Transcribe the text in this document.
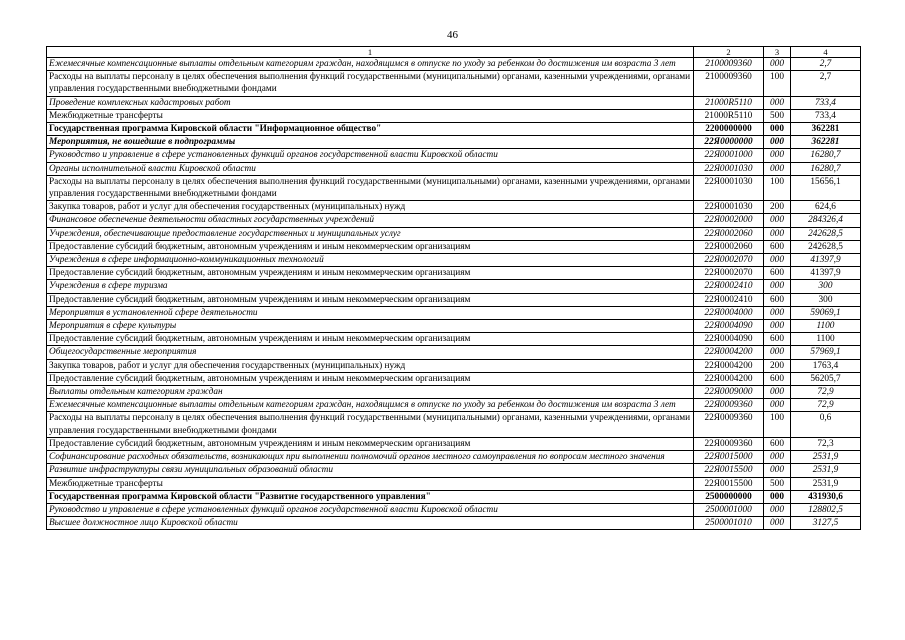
46
1	2	3	4
Ежемесячные компенсационные выплаты отдельным категориям граждан, находящимся в отпуске по уходу за ребенком до достижения им возраста 3 лет	2100009360	000	2,7
Расходы на выплаты персоналу в целях обеспечения выполнения функций государственными (муниципальными) органами, казенными учреждениями, органами управления государственными внебюджетными фондами	2100009360	100	2,7
Проведение комплексных кадастровых работ	21000R5110	000	733,4
Межбюджетные трансферты	21000R5110	500	733,4
Государственная программа Кировской области "Информационное общество"	2200000000	000	362281
Мероприятия, не вошедшие в подпрограммы	22Я0000000	000	362281
Руководство и управление в сфере установленных функций органов государственной власти Кировской области	22Я0001000	000	16280,7
Органы исполнительной власти Кировской области	22Я0001030	000	16280,7
Расходы на выплаты персоналу в целях обеспечения выполнения функций государственными (муниципальными) органами, казенными учреждениями, органами управления государственными внебюджетными фондами	22Я0001030	100	15656,1
Закупка товаров, работ и услуг для обеспечения государственных (муниципальных) нужд	22Я0001030	200	624,6
Финансовое обеспечение деятельности областных государственных учреждений	22Я0002000	000	284326,4
Учреждения, обеспечивающие предоставление государственных и муниципальных услуг	22Я0002060	000	242628,5
Предоставление субсидий бюджетным, автономным учреждениям и иным некоммерческим организациям	22Я0002060	600	242628,5
Учреждения в сфере информационно-коммуникационных технологий	22Я0002070	000	41397,9
Предоставление субсидий бюджетным, автономным учреждениям и иным некоммерческим организациям	22Я0002070	600	41397,9
Учреждения в сфере туризма	22Я0002410	000	300
Предоставление субсидий бюджетным, автономным учреждениям и иным некоммерческим организациям	22Я0002410	600	300
Мероприятия в установленной сфере деятельности	22Я0004000	000	59069,1
Мероприятия в сфере культуры	22Я0004090	000	1100
Предоставление субсидий бюджетным, автономным учреждениям и иным некоммерческим организациям	22Я0004090	600	1100
Общегосударственные мероприятия	22Я0004200	000	57969,1
Закупка товаров, работ и услуг для обеспечения государственных (муниципальных) нужд	22Я0004200	200	1763,4
Предоставление субсидий бюджетным, автономным учреждениям и иным некоммерческим организациям	22Я0004200	600	56205,7
Выплаты отдельным категориям граждан	22Я0009000	000	72,9
Ежемесячные компенсационные выплаты отдельным категориям граждан, находящимся в отпуске по уходу за ребенком до достижения им возраста 3 лет	22Я0009360	000	72,9
Расходы на выплаты персоналу в целях обеспечения выполнения функций государственными (муниципальными) органами, казенными учреждениями, органами управления государственными внебюджетными фондами	22Я0009360	100	0,6
Предоставление субсидий бюджетным, автономным учреждениям и иным некоммерческим организациям	22Я0009360	600	72,3
Софинансирование расходных обязательств, возникающих при выполнении полномочий органов местного самоуправления по вопросам местного значения	22Я0015000	000	2531,9
Развитие инфраструктуры связи муниципальных образований области	22Я0015500	000	2531,9
Межбюджетные трансферты	22Я0015500	500	2531,9
Государственная программа Кировской области "Развитие государственного управления"	2500000000	000	431930,6
Руководство и управление в сфере установленных функций органов государственной власти Кировской области	2500001000	000	128802,5
Высшее должностное лицо Кировской области	2500001010	000	3127,5
